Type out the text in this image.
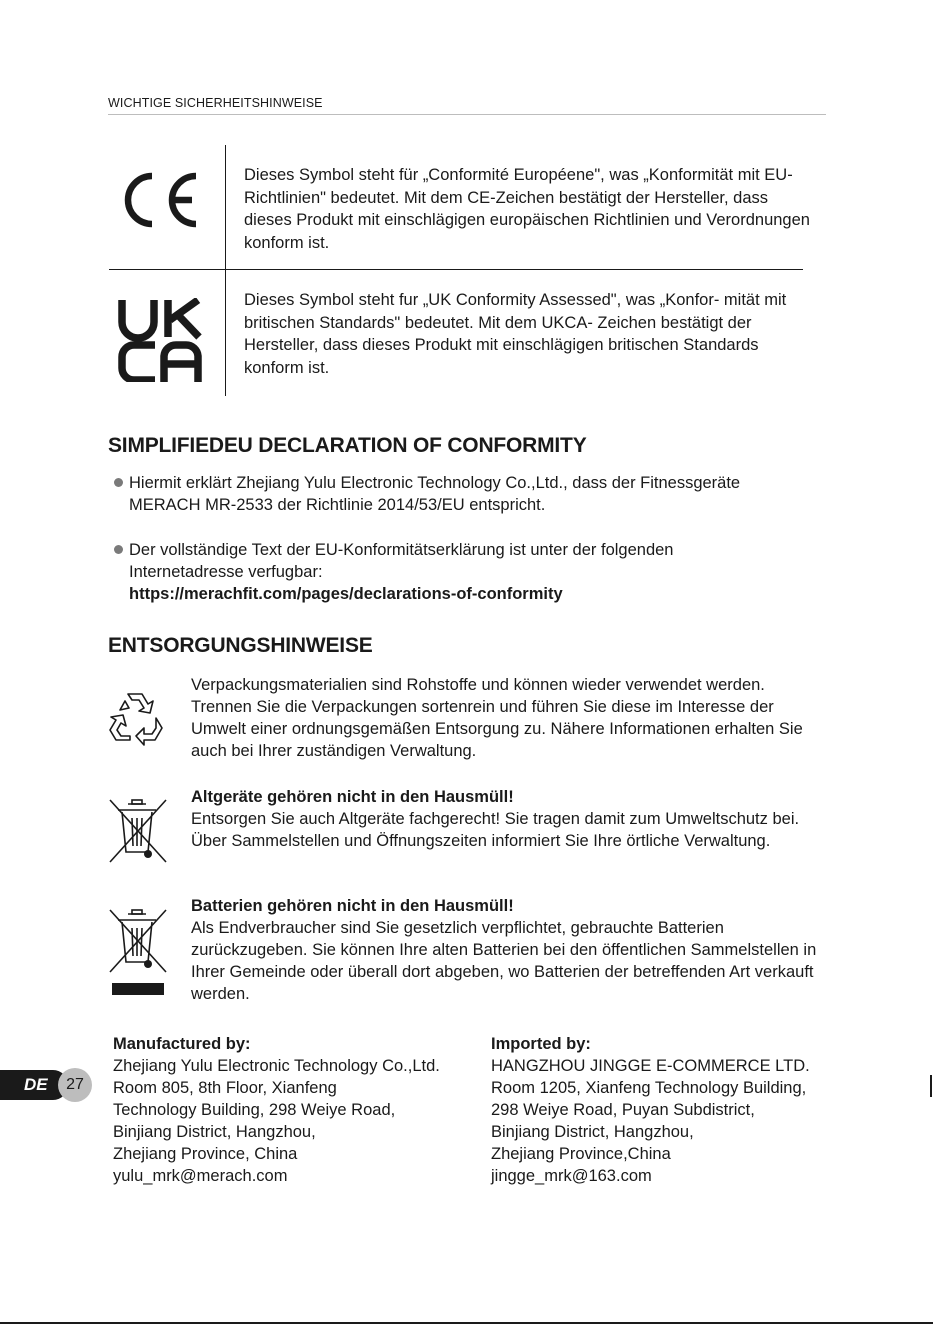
WICHTIGE SICHERHEITSHINWEISE
Dieses Symbol steht für „Conformité Européene", was „Konformität mit EU-Richtlinien" bedeutet. Mit dem CE-Zeichen bestätigt der Hersteller, dass dieses Produkt mit einschlägigen europäischen Richtlinien und Verordnungen konform ist.
Dieses Symbol steht fur „UK Conformity Assessed", was „Konfor- mität mit britischen Standards" bedeutet. Mit dem UKCA- Zeichen bestätigt der Hersteller, dass dieses Produkt mit einschlägigen britischen Standards konform ist.
SIMPLIFIEDEU DECLARATION OF CONFORMITY
Hiermit erklärt Zhejiang Yulu Electronic Technology Co.,Ltd., dass der Fitnessgeräte MERACH MR-2533 der Richtlinie 2014/53/EU entspricht.
Der vollständige Text der EU-Konformitätserklärung ist unter der folgenden Internetadresse verfugbar:
https://merachfit.com/pages/declarations-of-conformity
ENTSORGUNGSHINWEISE
Verpackungsmaterialien sind Rohstoffe und können wieder verwendet werden. Trennen Sie die Verpackungen sortenrein und führen Sie diese im Interesse der Umwelt einer ordnungsgemäßen Entsorgung zu. Nähere Informationen erhalten Sie auch bei Ihrer zuständigen Verwaltung.
Altgeräte gehören nicht in den Hausmüll!
Entsorgen Sie auch Altgeräte fachgerecht! Sie tragen damit zum Umweltschutz bei. Über Sammelstellen und Öffnungszeiten informiert Sie Ihre örtliche Verwaltung.
Batterien gehören nicht in den Hausmüll!
Als Endverbraucher sind Sie gesetzlich verpflichtet, gebrauchte Batterien zurückzugeben. Sie können Ihre alten Batterien bei den öffentlichen Sammelstellen in Ihrer Gemeinde oder überall dort abgeben, wo Batterien der betreffenden Art verkauft werden.
Manufactured by:
Zhejiang Yulu Electronic Technology Co.,Ltd.
Room 805, 8th Floor, Xianfeng
Technology Building, 298 Weiye Road,
Binjiang District, Hangzhou,
Zhejiang Province, China
yulu_mrk@merach.com
Imported by:
HANGZHOU JINGGE E-COMMERCE LTD.
Room 1205, Xianfeng Technology Building,
298 Weiye Road, Puyan Subdistrict,
Binjiang District, Hangzhou,
Zhejiang Province,China
jingge_mrk@163.com
DE	27
